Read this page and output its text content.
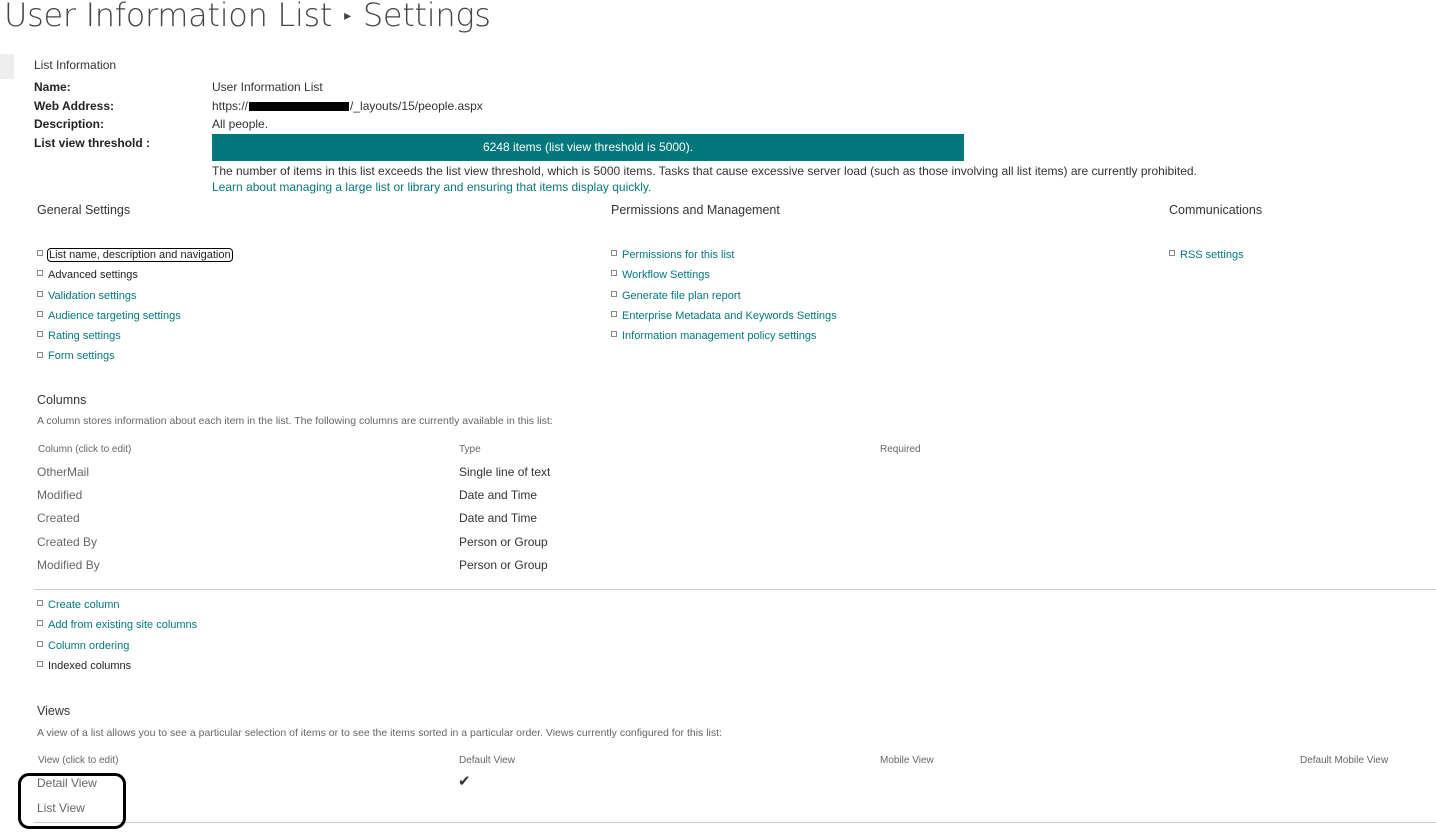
User Information List ▸ Settings
List Information
Name:	User Information List
Web Address:	https://	/_layouts/15/people.aspx
Description:	All people.
List view threshold :	6248 items (list view threshold is 5000).
The number of items in this list exceeds the list view threshold, which is 5000 items. Tasks that cause excessive server load (such as those involving all list items) are currently prohibited.
Learn about managing a large list or library and ensuring that items display quickly.
General Settings
List name, description and navigation
Advanced settings
Validation settings
Audience targeting settings
Rating settings
Form settings
Permissions and Management
Permissions for this list
Workflow Settings
Generate file plan report
Enterprise Metadata and Keywords Settings
Information management policy settings
Communications
RSS settings
Columns
A column stores information about each item in the list. The following columns are currently available in this list:
Column (click to edit)	Type	Required
OtherMail	Single line of text
Modified	Date and Time
Created	Date and Time
Created By	Person or Group
Modified By	Person or Group
Create column
Add from existing site columns
Column ordering
Indexed columns
Views
A view of a list allows you to see a particular selection of items or to see the items sorted in a particular order. Views currently configured for this list:
View (click to edit)	Default View	Mobile View	Default Mobile View
Detail View	✔
List View
